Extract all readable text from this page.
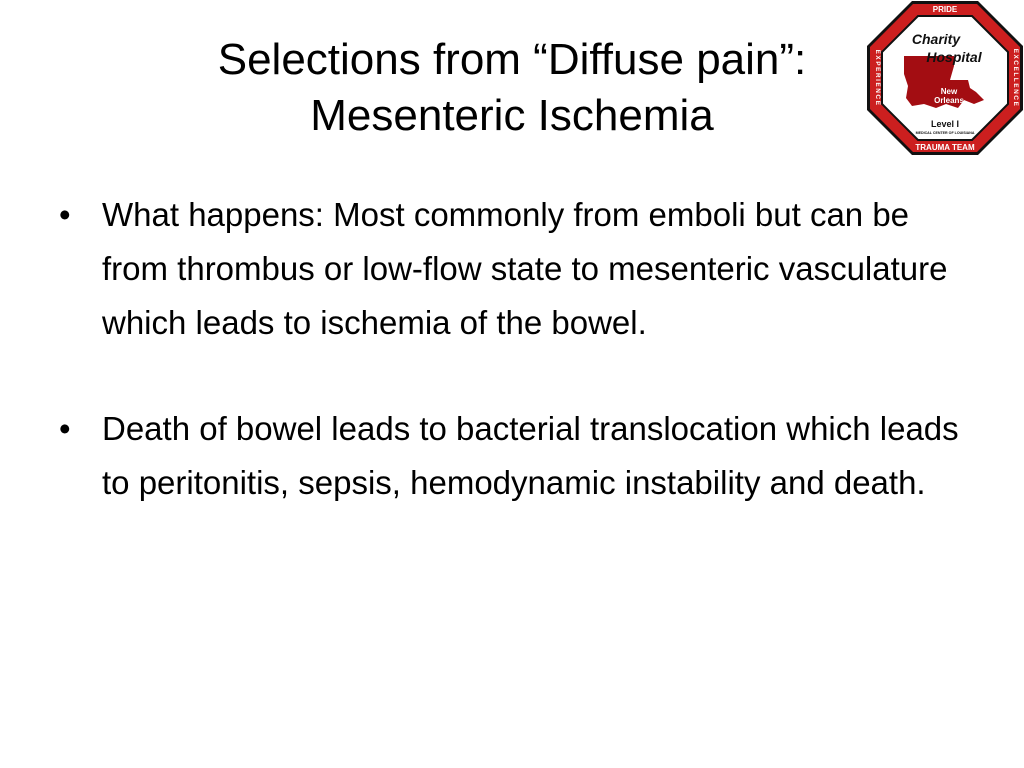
Selections from “Diffuse pain”:
Mesenteric Ischemia
• What happens: Most commonly from emboli but can be from thrombus or low-flow state to mesenteric vasculature which leads to ischemia of the bowel.
• Death of bowel leads to bacterial translocation which leads to peritonitis, sepsis, hemodynamic instability and death.
PRIDE
TRAUMA TEAM
EXPERIENCE	EXCELLENCE
Charity
Hospital
New
Orleans
Level I
MEDICAL CENTER OF LOUISIANA
